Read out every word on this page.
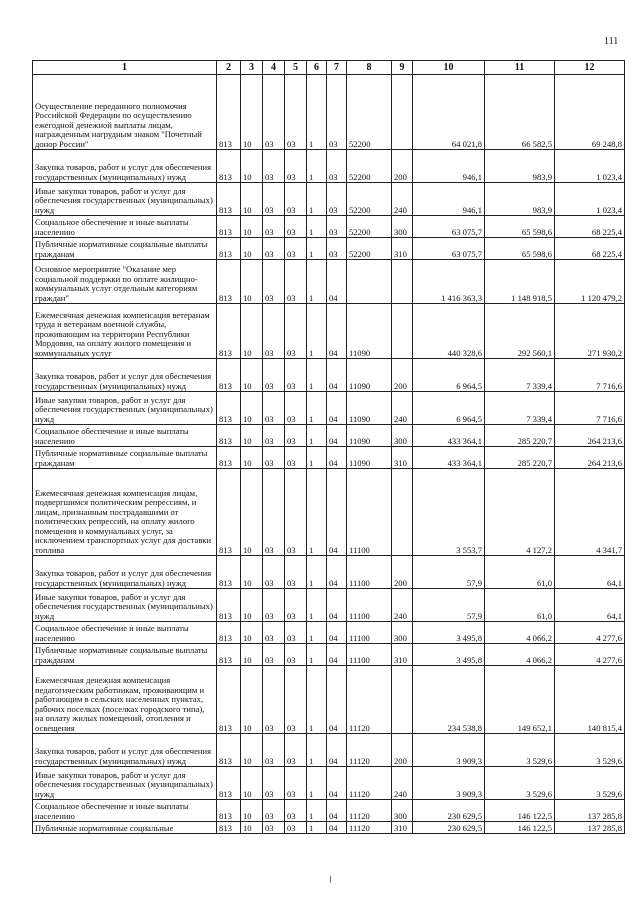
111
1	2	3	4	5	6	7	8	9	10	11	12
Осуществление переданного полномочия Российской Федерации по осуществлению ежегодной денежной выплаты лицам, награжденным нагрудным знаком "Почетный донор России"	813	10	03	03	1	03	52200		64 021,8	66 582,5	69 248,8
Закупка товаров, работ и услуг для обеспечения государственных (муниципальных) нужд	813	10	03	03	1	03	52200	200	946,1	983,9	1 023,4
Иные закупки товаров, работ и услуг для обеспечения государственных (муниципальных) нужд	813	10	03	03	1	03	52200	240	946,1	983,9	1 023,4
Социальное обеспечение и иные выплаты населению	813	10	03	03	1	03	52200	300	63 075,7	65 598,6	68 225,4
Публичные нормативные социальные выплаты гражданам	813	10	03	03	1	03	52200	310	63 075,7	65 598,6	68 225,4
Основное мероприятие "Оказание мер социальной поддержки по оплате жилищно-коммунальных услуг отдельным категориям граждан"	813	10	03	03	1	04			1 416 363,3	1 148 918,5	1 120 479,2
Ежемесячная денежная компенсация ветеранам труда и ветеранам военной службы, проживающим на территории Республики Мордовия, на оплату жилого помещения и коммунальных услуг	813	10	03	03	1	04	11090		440 328,6	292 560,1	271 930,2
Закупка товаров, работ и услуг для обеспечения государственных (муниципальных) нужд	813	10	03	03	1	04	11090	200	6 964,5	7 339,4	7 716,6
Иные закупки товаров, работ и услуг для обеспечения государственных (муниципальных) нужд	813	10	03	03	1	04	11090	240	6 964,5	7 339,4	7 716,6
Социальное обеспечение и иные выплаты населению	813	10	03	03	1	04	11090	300	433 364,1	285 220,7	264 213,6
Публичные нормативные социальные выплаты гражданам	813	10	03	03	1	04	11090	310	433 364,1	285 220,7	264 213,6
Ежемесячная денежная компенсация лицам, подвергшимся политическим репрессиям, и лицам, признанным пострадавшими от политических репрессий, на оплату жилого помещения и коммунальных услуг, за исключением транспортных услуг для доставки топлива	813	10	03	03	1	04	11100		3 553,7	4 127,2	4 341,7
Закупка товаров, работ и услуг для обеспечения государственных (муниципальных) нужд	813	10	03	03	1	04	11100	200	57,9	61,0	64,1
Иные закупки товаров, работ и услуг для обеспечения государственных (муниципальных) нужд	813	10	03	03	1	04	11100	240	57,9	61,0	64,1
Социальное обеспечение и иные выплаты населению	813	10	03	03	1	04	11100	300	3 495,8	4 066,2	4 277,6
Публичные нормативные социальные выплаты гражданам	813	10	03	03	1	04	11100	310	3 495,8	4 066,2	4 277,6
Ежемесячная денежная компенсация педагогическим работникам, проживающим и работающим в сельских населенных пунктах, рабочих поселках (поселках городского типа), на оплату жилых помещений, отопления и освещения	813	10	03	03	1	04	11120		234 538,8	149 652,1	140 815,4
Закупка товаров, работ и услуг для обеспечения государственных (муниципальных) нужд	813	10	03	03	1	04	11120	200	3 909,3	3 529,6	3 529,6
Иные закупки товаров, работ и услуг для обеспечения государственных (муниципальных) нужд	813	10	03	03	1	04	11120	240	3 909,3	3 529,6	3 529,6
Социальное обеспечение и иные выплаты населению	813	10	03	03	1	04	11120	300	230 629,5	146 122,5	137 285,8
Публичные нормативные социальные	813	10	03	03	1	04	11120	310	230 629,5	146 122,5	137 285,8
